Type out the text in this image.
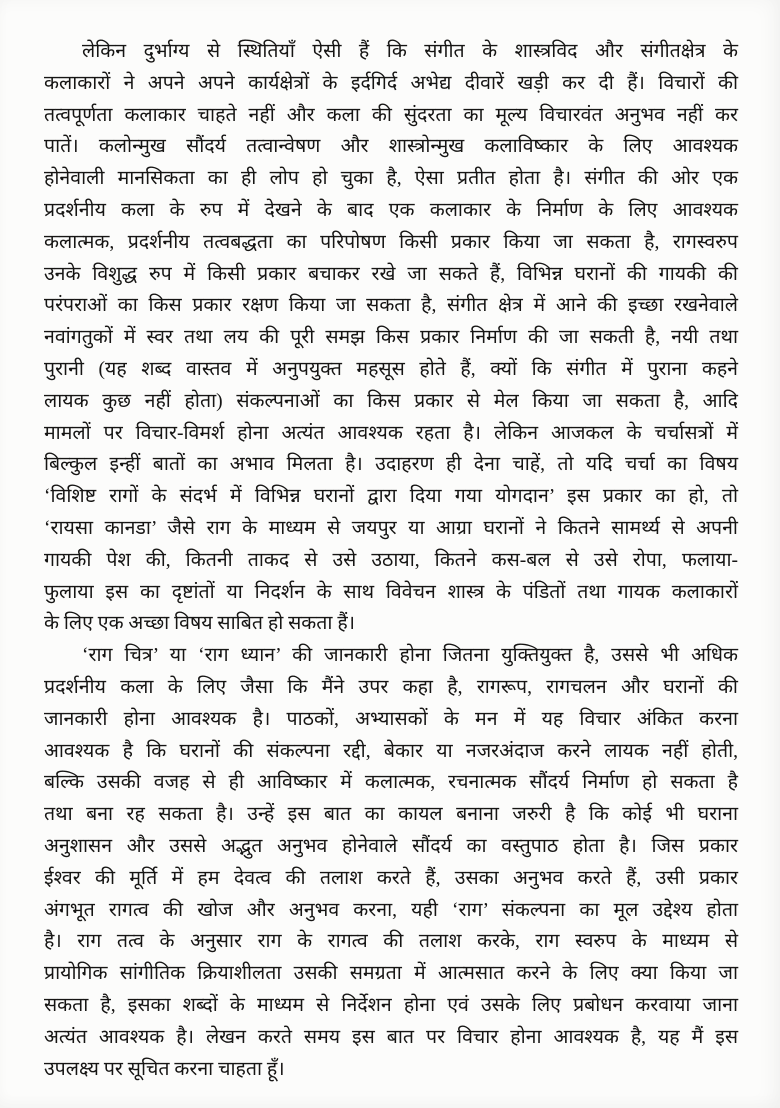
लेकिन दुर्भाग्य से स्थितियाँ ऐसी हैं कि संगीत के शास्त्रविद और संगीतक्षेत्र के
कलाकारों ने अपने अपने कार्यक्षेत्रों के इर्दगिर्द अभेद्य दीवारें खड़ी कर दी हैं। विचारों की
तत्वपूर्णता कलाकार चाहते नहीं और कला की सुंदरता का मूल्य विचारवंत अनुभव नहीं कर
पातें। कलोन्मुख सौंदर्य तत्वान्वेषण और शास्त्रोन्मुख कलाविष्कार के लिए आवश्यक
होनेवाली मानसिकता का ही लोप हो चुका है, ऐसा प्रतीत होता है। संगीत की ओर एक
प्रदर्शनीय कला के रुप में देखने के बाद एक कलाकार के निर्माण के लिए आवश्यक
कलात्मक, प्रदर्शनीय तत्वबद्धता का परिपोषण किसी प्रकार किया जा सकता है, रागस्वरुप
उनके विशुद्ध रुप में किसी प्रकार बचाकर रखे जा सकते हैं, विभिन्न घरानों की गायकी की
परंपराओं का किस प्रकार रक्षण किया जा सकता है, संगीत क्षेत्र में आने की इच्छा रखनेवाले
नवांगतुकों में स्वर तथा लय की पूरी समझ किस प्रकार निर्माण की जा सकती है, नयी तथा
पुरानी (यह शब्द वास्तव में अनुपयुक्त महसूस होते हैं, क्यों कि संगीत में पुराना कहने
लायक कुछ नहीं होता) संकल्पनाओं का किस प्रकार से मेल किया जा सकता है, आदि
मामलों पर विचार-विमर्श होना अत्यंत आवश्यक रहता है। लेकिन आजकल के चर्चासत्रों में
बिल्कुल इन्हीं बातों का अभाव मिलता है। उदाहरण ही देना चाहें, तो यदि चर्चा का विषय
‘विशिष्ट रागों के संदर्भ में विभिन्न घरानों द्वारा दिया गया योगदान’ इस प्रकार का हो, तो
‘रायसा कानडा’ जैसे राग के माध्यम से जयपुर या आग्रा घरानों ने कितने सामर्थ्य से अपनी
गायकी पेश की, कितनी ताकद से उसे उठाया, कितने कस-बल से उसे रोपा, फलाया-
फुलाया इस का दृष्टांतों या निदर्शन के साथ विवेचन शास्त्र के पंडितों तथा गायक कलाकारों
के लिए एक अच्छा विषय साबित हो सकता हैं।
‘राग चित्र’ या ‘राग ध्यान’ की जानकारी होना जितना युक्तियुक्त है, उससे भी अधिक
प्रदर्शनीय कला के लिए जैसा कि मैंने उपर कहा है, रागरूप, रागचलन और घरानों की
जानकारी होना आवश्यक है। पाठकों, अभ्यासकों के मन में यह विचार अंकित करना
आवश्यक है कि घरानों की संकल्पना रद्दी, बेकार या नजरअंदाज करने लायक नहीं होती,
बल्कि उसकी वजह से ही आविष्कार में कलात्मक, रचनात्मक सौंदर्य निर्माण हो सकता है
तथा बना रह सकता है। उन्हें इस बात का कायल बनाना जरुरी है कि कोई भी घराना
अनुशासन और उससे अद्भुत अनुभव होनेवाले सौंदर्य का वस्तुपाठ होता है। जिस प्रकार
ईश्वर की मूर्ति में हम देवत्व की तलाश करते हैं, उसका अनुभव करते हैं, उसी प्रकार
अंगभूत रागत्व की खोज और अनुभव करना, यही ‘राग’ संकल्पना का मूल उद्देश्य होता
है। राग तत्व के अनुसार राग के रागत्व की तलाश करके, राग स्वरुप के माध्यम से
प्रायोगिक सांगीतिक क्रियाशीलता उसकी समग्रता में आत्मसात करने के लिए क्या किया जा
सकता है, इसका शब्दों के माध्यम से निर्देशन होना एवं उसके लिए प्रबोधन करवाया जाना
अत्यंत आवश्यक है। लेखन करते समय इस बात पर विचार होना आवश्यक है, यह मैं इस
उपलक्ष्य पर सूचित करना चाहता हूँ।
